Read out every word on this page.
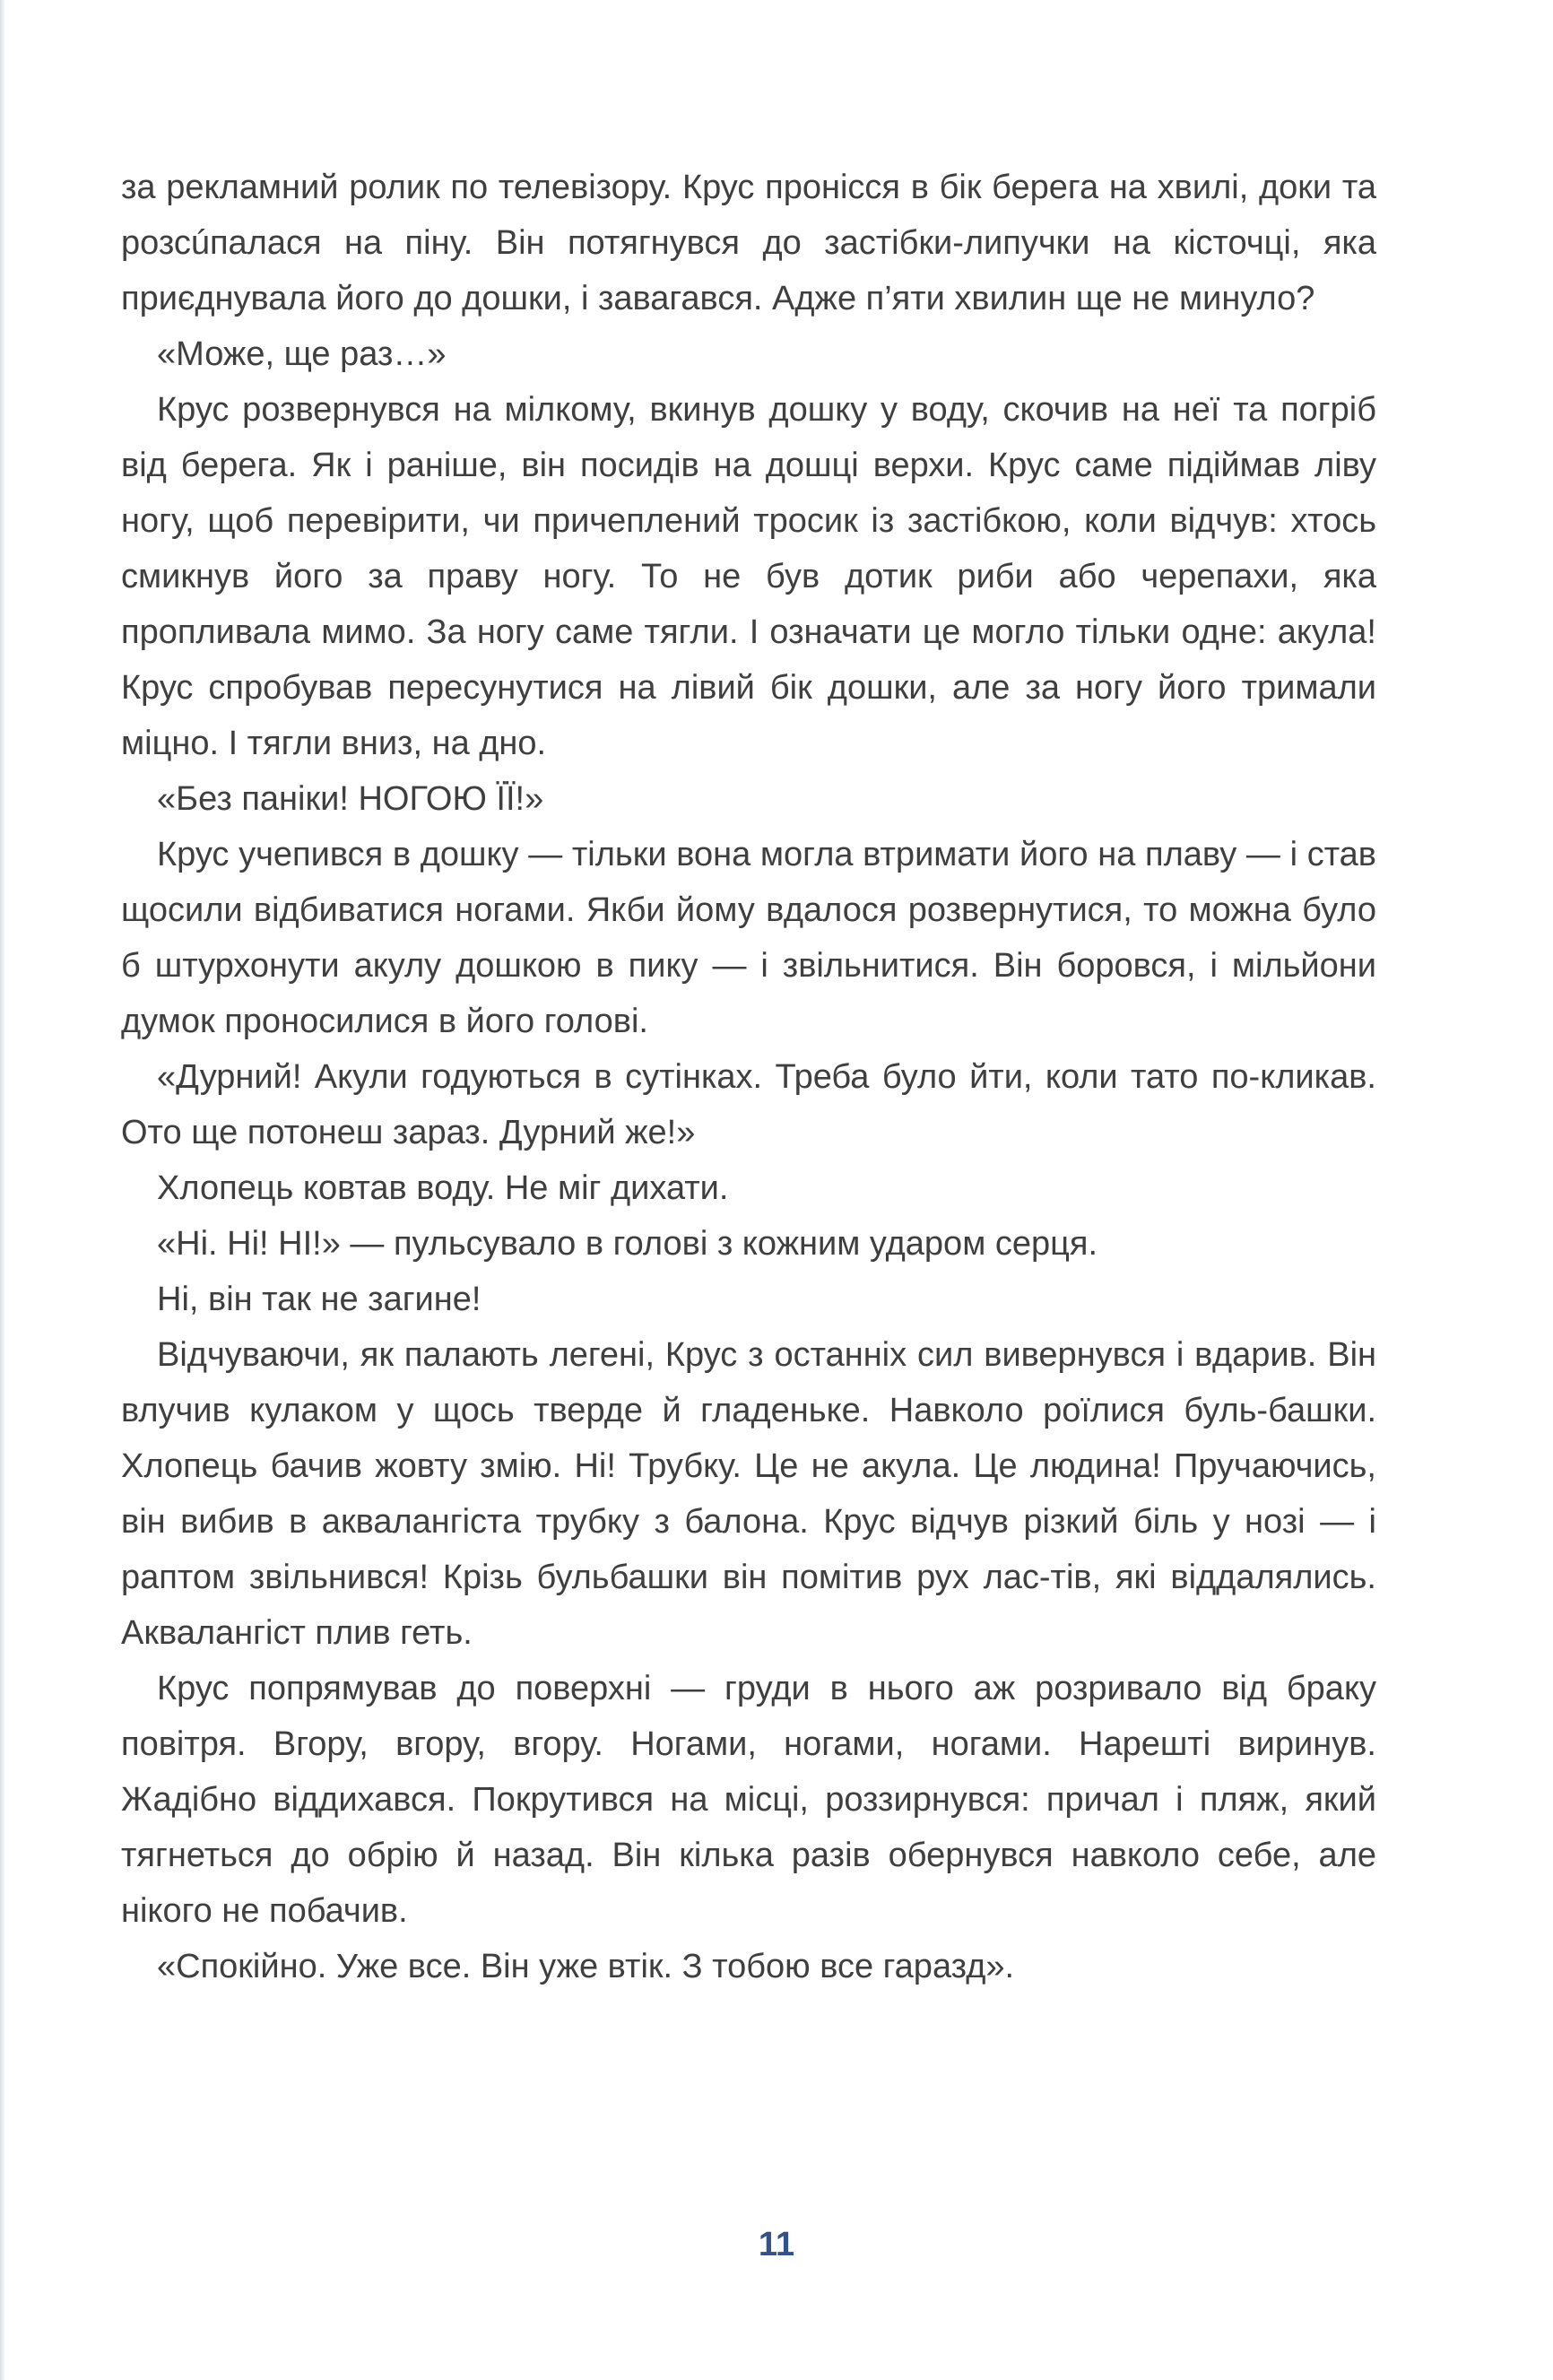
за рекламний ролик по телевізору. Крус проніcся в бік берега на хвилі, доки та розсúпалася на піну. Він потягнувся до застібки-липучки на кісточці, яка приєднувала його до дошки, і завагався. Адже п’яти хвилин ще не минуло?

«Може, ще раз…»

Крус розвернувся на мілкому, вкинув дошку у воду, скочив на неї та погріб від берега. Як і раніше, він посидів на дошці верхи. Крус саме підіймав ліву ногу, щоб перевірити, чи причеплений тросик із застібкою, коли відчув: хтось смикнув його за праву ногу. То не був дотик риби або черепахи, яка пропливала мимо. За ногу саме тягли. І означати це могло тільки одне: акула! Крус спробував пересунутися на лівий бік дошки, але за ногу його тримали міцно. І тягли вниз, на дно.

«Без паніки! НОГОЮ ЇЇ!»

Крус учепився в дошку — тільки вона могла втримати його на плаву — і став щосили відбиватися ногами. Якби йому вдалося розвернутися, то можна було б штурхонути акулу дошкою в пику — і звільнитися. Він боровся, і мільйони думок проносилися в його голові.

«Дурний! Акули годуються в сутінках. Треба було йти, коли тато по-кликав. Ото ще потонеш зараз. Дурний же!»

Хлопець ковтав воду. Не міг дихати.

«Ні. Ні! НІ!» — пульсувало в голові з кожним ударом серця.

Ні, він так не загине!

Відчуваючи, як палають легені, Крус з останніх сил вивернувся і вдарив. Він влучив кулаком у щось тверде й гладеньке. Навколо роїлися буль-башки. Хлопець бачив жовту змію. Ні! Трубку. Це не акула. Це людина! Пручаючись, він вибив в аквалангіста трубку з балона. Крус відчув різкий біль у нозі — і раптом звільнився! Крізь бульбашки він помітив рух лас-тів, які віддалялись. Аквалангіст плив геть.

Крус попрямував до поверхні — груди в нього аж розривало від браку повітря. Вгору, вгору, вгору. Ногами, ногами, ногами. Нарешті виринув. Жадібно віддихався. Покрутився на місці, роззирнувся: причал і пляж, який тягнеться до обрію й назад. Він кілька разів обернувся навколо себе, але нікого не побачив.

«Спокійно. Уже все. Він уже втік. З тобою все гаразд».

11
